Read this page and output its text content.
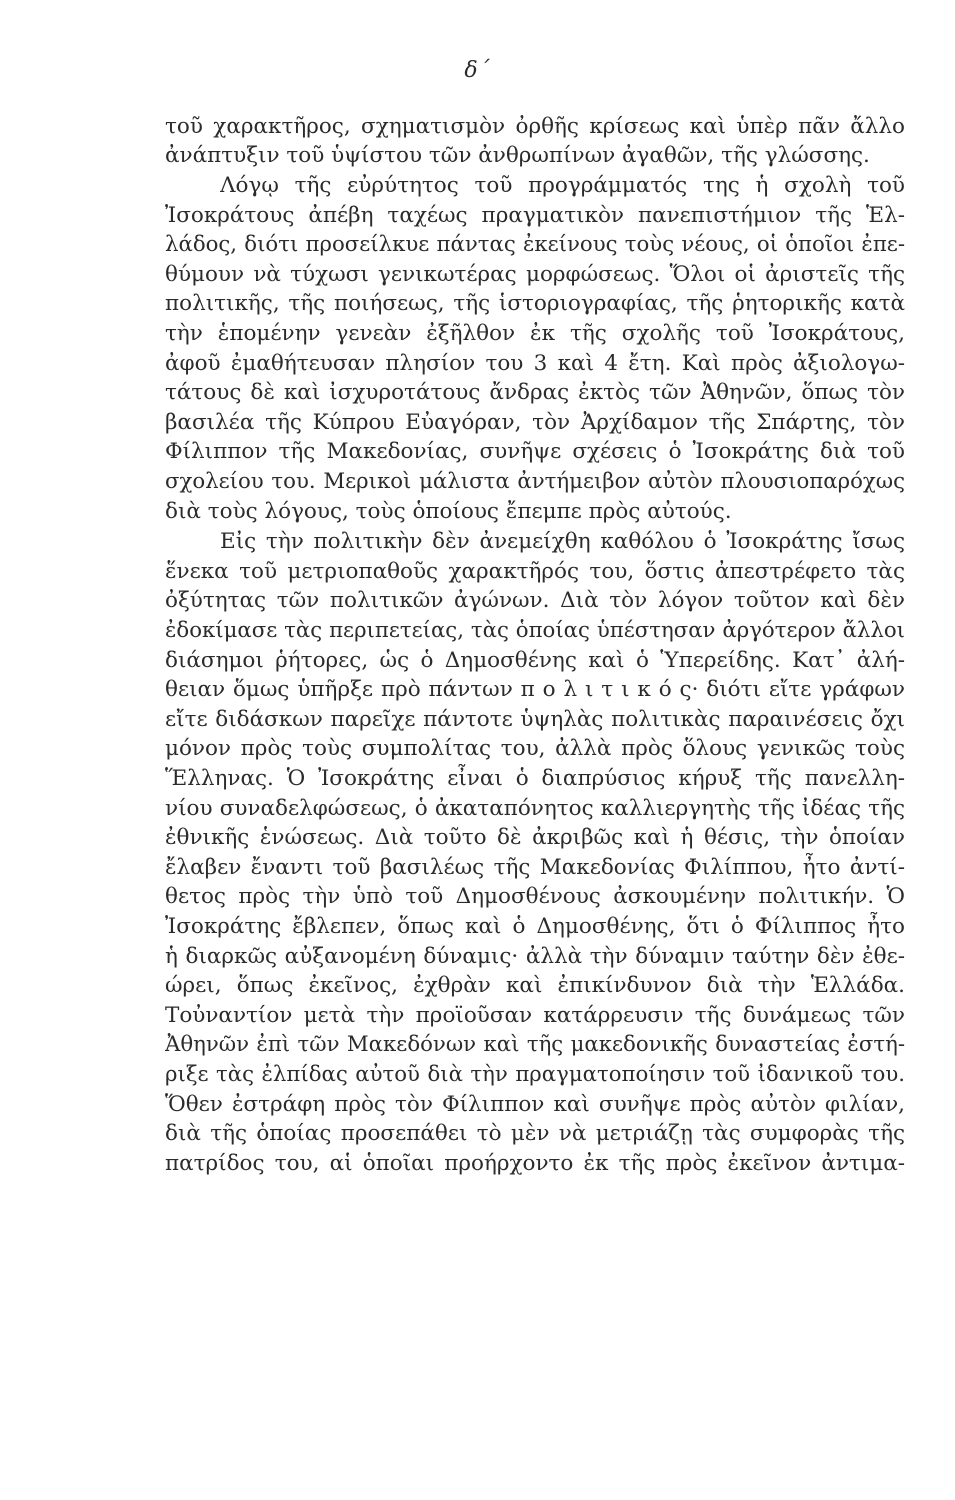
δ΄
τοῦ χαρακτῆρος, σχηματισμὸν ὀρθῆς κρίσεως καὶ ὑπὲρ πᾶν ἄλλο
ἀνάπτυξιν τοῦ ὑψίστου τῶν ἀνθρωπίνων ἀγαθῶν, τῆς γλώσσης.
Λόγῳ τῆς εὐρύτητος τοῦ προγράμματός της ἡ σχολὴ τοῦ
Ἰσοκράτους ἀπέβη ταχέως πραγματικὸν πανεπιστήμιον τῆς Ἑλ-
λάδος, διότι προσείλκυε πάντας ἐκείνους τοὺς νέους, οἱ ὁποῖοι ἐπε-
θύμουν νὰ τύχωσι γενικωτέρας μορφώσεως. Ὅλοι οἱ ἀριστεῖς τῆς
πολιτικῆς, τῆς ποιήσεως, τῆς ἱστοριογραφίας, τῆς ῥητορικῆς κατὰ
τὴν ἑπομένην γενεὰν ἐξῆλθον ἐκ τῆς σχολῆς τοῦ Ἰσοκράτους,
ἀφοῦ ἐμαθήτευσαν πλησίον του 3 καὶ 4 ἔτη. Καὶ πρὸς ἀξιολογω-
τάτους δὲ καὶ ἰσχυροτάτους ἄνδρας ἐκτὸς τῶν Ἀθηνῶν, ὅπως τὸν
βασιλέα τῆς Κύπρου Εὐαγόραν, τὸν Ἀρχίδαμον τῆς Σπάρτης, τὸν
Φίλιππον τῆς Μακεδονίας, συνῆψε σχέσεις ὁ Ἰσοκράτης διὰ τοῦ
σχολείου του. Μερικοὶ μάλιστα ἀντήμειβον αὐτὸν πλουσιοπαρόχως
διὰ τοὺς λόγους, τοὺς ὁποίους ἔπεμπε πρὸς αὐτούς.
Εἰς τὴν πολιτικὴν δὲν ἀνεμείχθη καθόλου ὁ Ἰσοκράτης ἴσως
ἕνεκα τοῦ μετριοπαθοῦς χαρακτῆρός του, ὅστις ἀπεστρέφετο τὰς
ὀξύτητας τῶν πολιτικῶν ἀγώνων. Διὰ τὸν λόγον τοῦτον καὶ δὲν
ἐδοκίμασε τὰς περιπετείας, τὰς ὁποίας ὑπέστησαν ἀργότερον ἄλλοι
διάσημοι ῥήτορες, ὡς ὁ Δημοσθένης καὶ ὁ Ὑπερείδης. Κατ᾽ ἀλή-
θειαν ὅμως ὑπῆρξε πρὸ πάντων π ο λ ι τ ι κ ό ς· διότι εἴτε γράφων
εἴτε διδάσκων παρεῖχε πάντοτε ὑψηλὰς πολιτικὰς παραινέσεις ὄχι
μόνον πρὸς τοὺς συμπολίτας του, ἀλλὰ πρὸς ὅλους γενικῶς τοὺς
Ἕλληνας. Ὁ Ἰσοκράτης εἶναι ὁ διαπρύσιος κήρυξ τῆς πανελλη-
νίου συναδελφώσεως, ὁ ἀκαταπόνητος καλλιεργητὴς τῆς ἰδέας τῆς
ἐθνικῆς ἑνώσεως. Διὰ τοῦτο δὲ ἀκριβῶς καὶ ἡ θέσις, τὴν ὁποίαν
ἔλαβεν ἔναντι τοῦ βασιλέως τῆς Μακεδονίας Φιλίππου, ἦτο ἀντί-
θετος πρὸς τὴν ὑπὸ τοῦ Δημοσθένους ἀσκουμένην πολιτικήν. Ὁ
Ἰσοκράτης ἔβλεπεν, ὅπως καὶ ὁ Δημοσθένης, ὅτι ὁ Φίλιππος ἦτο
ἡ διαρκῶς αὐξανομένη δύναμις· ἀλλὰ τὴν δύναμιν ταύτην δὲν ἐθε-
ώρει, ὅπως ἐκεῖνος, ἐχθρὰν καὶ ἐπικίνδυνον διὰ τὴν Ἑλλάδα.
Τοὐναντίον μετὰ τὴν προϊοῦσαν κατάρρευσιν τῆς δυνάμεως τῶν
Ἀθηνῶν ἐπὶ τῶν Μακεδόνων καὶ τῆς μακεδονικῆς δυναστείας ἐστή-
ριξε τὰς ἐλπίδας αὐτοῦ διὰ τὴν πραγματοποίησιν τοῦ ἰδανικοῦ του.
Ὅθεν ἐστράφη πρὸς τὸν Φίλιππον καὶ συνῆψε πρὸς αὐτὸν φιλίαν,
διὰ τῆς ὁποίας προσεπάθει τὸ μὲν νὰ μετριάζῃ τὰς συμφορὰς τῆς
πατρίδος του, αἱ ὁποῖαι προήρχοντο ἐκ τῆς πρὸς ἐκεῖνον ἀντιμα-
